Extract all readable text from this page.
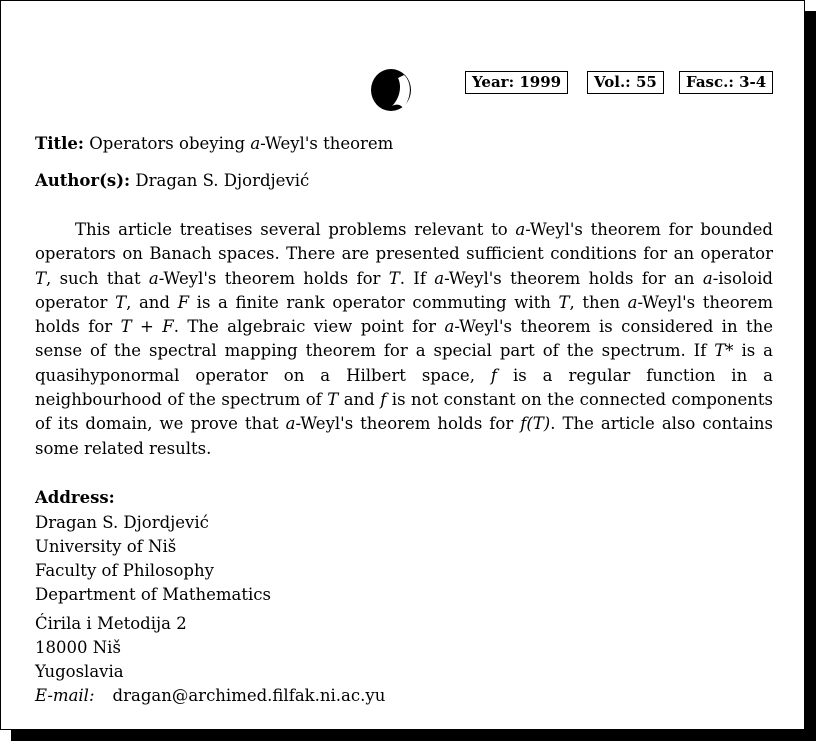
Year: 1999	Vol.: 55	Fasc.: 3-4
Title: Operators obeying a-Weyl's theorem
Author(s): Dragan S. Djordjević

This article treatises several problems relevant to a-Weyl's theorem for bounded operators on Banach spaces. There are presented sufficient conditions for an operator T, such that a-Weyl's theorem holds for T. If a-Weyl's theorem holds for an a-isoloid operator T, and F is a finite rank operator commuting with T, then a-Weyl's theorem holds for T + F. The algebraic view point for a-Weyl's theorem is considered in the sense of the spectral mapping theorem for a special part of the spectrum. If T* is a quasihyponormal operator on a Hilbert space, f is a regular function in a neighbourhood of the spectrum of T and f is not constant on the connected components of its domain, we prove that a-Weyl's theorem holds for f(T). The article also contains some related results.

Address:
Dragan S. Djordjević
University of Niš
Faculty of Philosophy
Department of Mathematics
Ćirila i Metodija 2
18000 Niš
Yugoslavia
E-mail: dragan@archimed.filfak.ni.ac.yu
